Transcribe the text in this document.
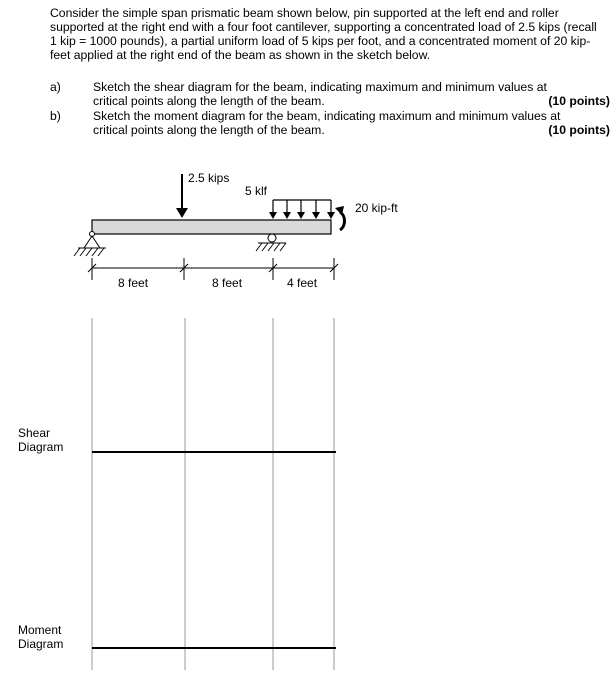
Consider the simple span prismatic beam shown below, pin supported at the left end and roller supported at the right end with a four foot cantilever, supporting a concentrated load of 2.5 kips (recall 1 kip = 1000 pounds), a partial uniform load of 5 kips per foot, and a concentrated moment of 20 kip-feet applied at the right end of the beam as shown in the sketch below.

a)	Sketch the shear diagram for the beam, indicating maximum and minimum values at critical points along the length of the beam.	(10 points)
b)	Sketch the moment diagram for the beam, indicating maximum and minimum values at critical points along the length of the beam.	(10 points)
2.5 kips
5 klf
20 kip-ft
8 feet	8 feet	4 feet
Shear
Diagram
Moment
Diagram
